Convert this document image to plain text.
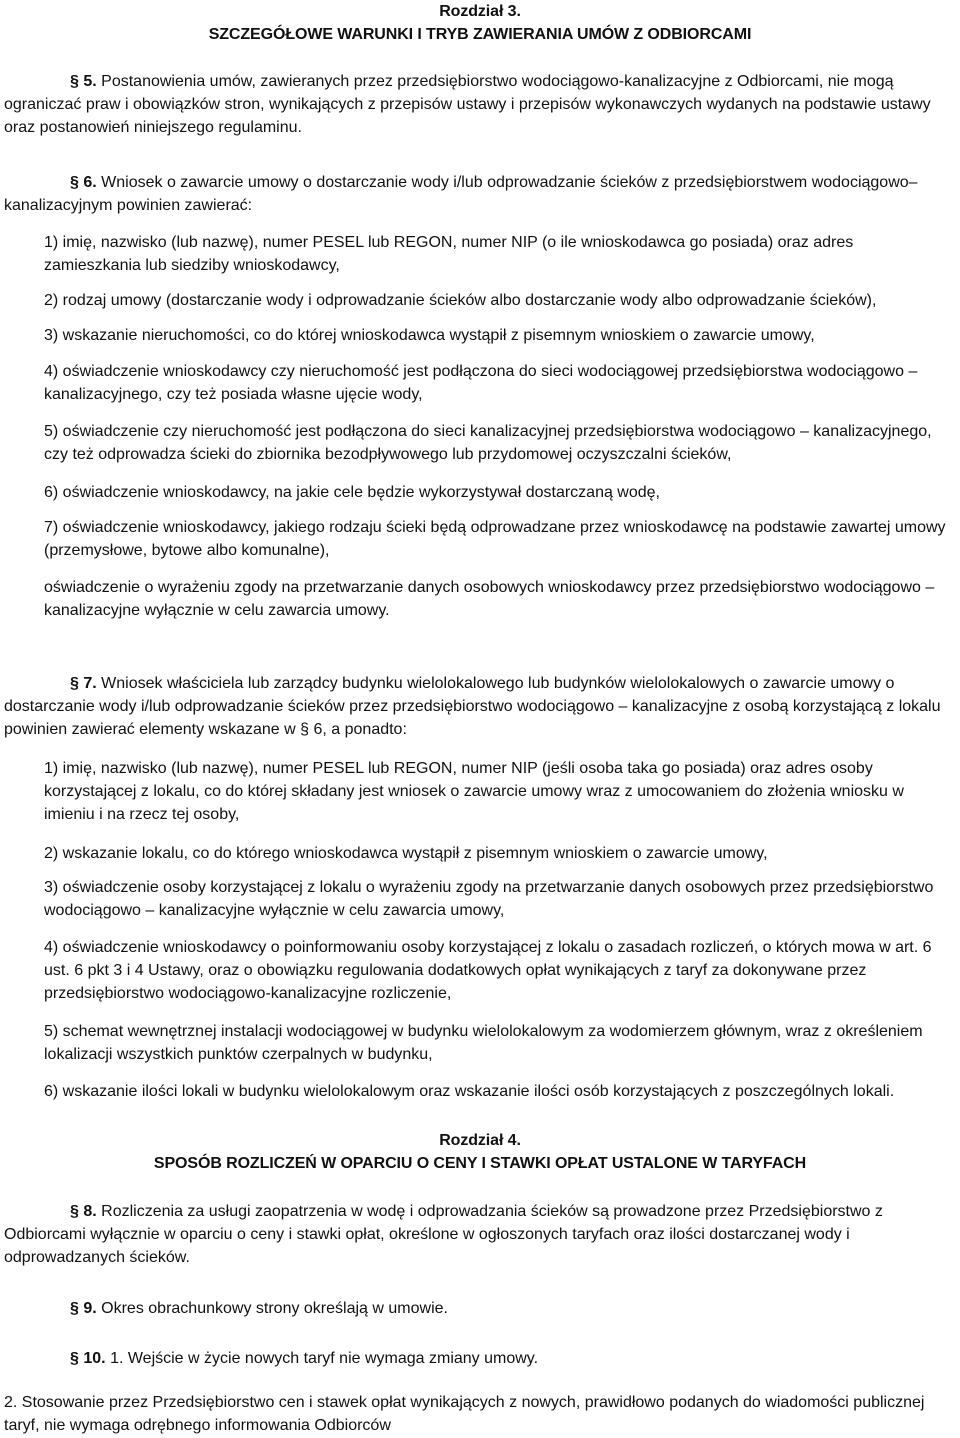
Rozdział 3.
SZCZEGÓŁOWE WARUNKI I TRYB ZAWIERANIA UMÓW Z ODBIORCAMI

§ 5. Postanowienia umów, zawieranych przez przedsiębiorstwo wodociągowo-kanalizacyjne z Odbiorcami, nie mogą ograniczać praw i obowiązków stron, wynikających z przepisów ustawy i przepisów wykonawczych wydanych na podstawie ustawy oraz postanowień niniejszego regulaminu.

§ 6. Wniosek o zawarcie umowy o dostarczanie wody i/lub odprowadzanie ścieków z przedsiębiorstwem wodociągowo– kanalizacyjnym powinien zawierać:

1) imię, nazwisko (lub nazwę), numer PESEL lub REGON, numer NIP (o ile wnioskodawca go posiada) oraz adres zamieszkania lub siedziby wnioskodawcy,

2) rodzaj umowy (dostarczanie wody i odprowadzanie ścieków albo dostarczanie wody albo odprowadzanie ścieków),

3) wskazanie nieruchomości, co do której wnioskodawca wystąpił z pisemnym wnioskiem o zawarcie umowy,

4) oświadczenie wnioskodawcy czy nieruchomość jest podłączona do sieci wodociągowej przedsiębiorstwa wodociągowo – kanalizacyjnego, czy też posiada własne ujęcie wody,

5) oświadczenie czy nieruchomość jest podłączona do sieci kanalizacyjnej przedsiębiorstwa wodociągowo – kanalizacyjnego, czy też odprowadza ścieki do zbiornika bezodpływowego lub przydomowej oczyszczalni ścieków,

6) oświadczenie wnioskodawcy, na jakie cele będzie wykorzystywał dostarczaną wodę,

7) oświadczenie wnioskodawcy, jakiego rodzaju ścieki będą odprowadzane przez wnioskodawcę na podstawie zawartej umowy (przemysłowe, bytowe albo komunalne),

oświadczenie o wyrażeniu zgody na przetwarzanie danych osobowych wnioskodawcy przez przedsiębiorstwo wodociągowo – kanalizacyjne wyłącznie w celu zawarcia umowy.

§ 7. Wniosek właściciela lub zarządcy budynku wielolokalowego lub budynków wielolokalowych o zawarcie umowy o dostarczanie wody i/lub odprowadzanie ścieków przez przedsiębiorstwo wodociągowo – kanalizacyjne z osobą korzystającą z lokalu powinien zawierać elementy wskazane w § 6, a ponadto:

1) imię, nazwisko (lub nazwę), numer PESEL lub REGON, numer NIP (jeśli osoba taka go posiada) oraz adres osoby korzystającej z lokalu, co do której składany jest wniosek o zawarcie umowy wraz z umocowaniem do złożenia wniosku w imieniu i na rzecz tej osoby,

2) wskazanie lokalu, co do którego wnioskodawca wystąpił z pisemnym wnioskiem o zawarcie umowy,

3) oświadczenie osoby korzystającej z lokalu o wyrażeniu zgody na przetwarzanie danych osobowych przez przedsiębiorstwo wodociągowo – kanalizacyjne wyłącznie w celu zawarcia umowy,

4) oświadczenie wnioskodawcy o poinformowaniu osoby korzystającej z lokalu o zasadach rozliczeń, o których mowa w art. 6 ust. 6 pkt 3 i 4 Ustawy, oraz o obowiązku regulowania dodatkowych opłat wynikających z taryf za dokonywane przez przedsiębiorstwo wodociągowo-kanalizacyjne rozliczenie,

5) schemat wewnętrznej instalacji wodociągowej w budynku wielolokalowym za wodomierzem głównym, wraz z określeniem lokalizacji wszystkich punktów czerpalnych w budynku,

6) wskazanie ilości lokali w budynku wielolokalowym oraz wskazanie ilości osób korzystających z poszczególnych lokali.

Rozdział 4.
SPOSÓB ROZLICZEŃ W OPARCIU O CENY I STAWKI OPŁAT USTALONE W TARYFACH

§ 8. Rozliczenia za usługi zaopatrzenia w wodę i odprowadzania ścieków są prowadzone przez Przedsiębiorstwo z Odbiorcami wyłącznie w oparciu o ceny i stawki opłat, określone w ogłoszonych taryfach oraz ilości dostarczanej wody i odprowadzanych ścieków.

§ 9. Okres obrachunkowy strony określają w umowie.

§ 10. 1. Wejście w życie nowych taryf nie wymaga zmiany umowy.

2. Stosowanie przez Przedsiębiorstwo cen i stawek opłat wynikających z nowych, prawidłowo podanych do wiadomości publicznej taryf, nie wymaga odrębnego informowania Odbiorców
